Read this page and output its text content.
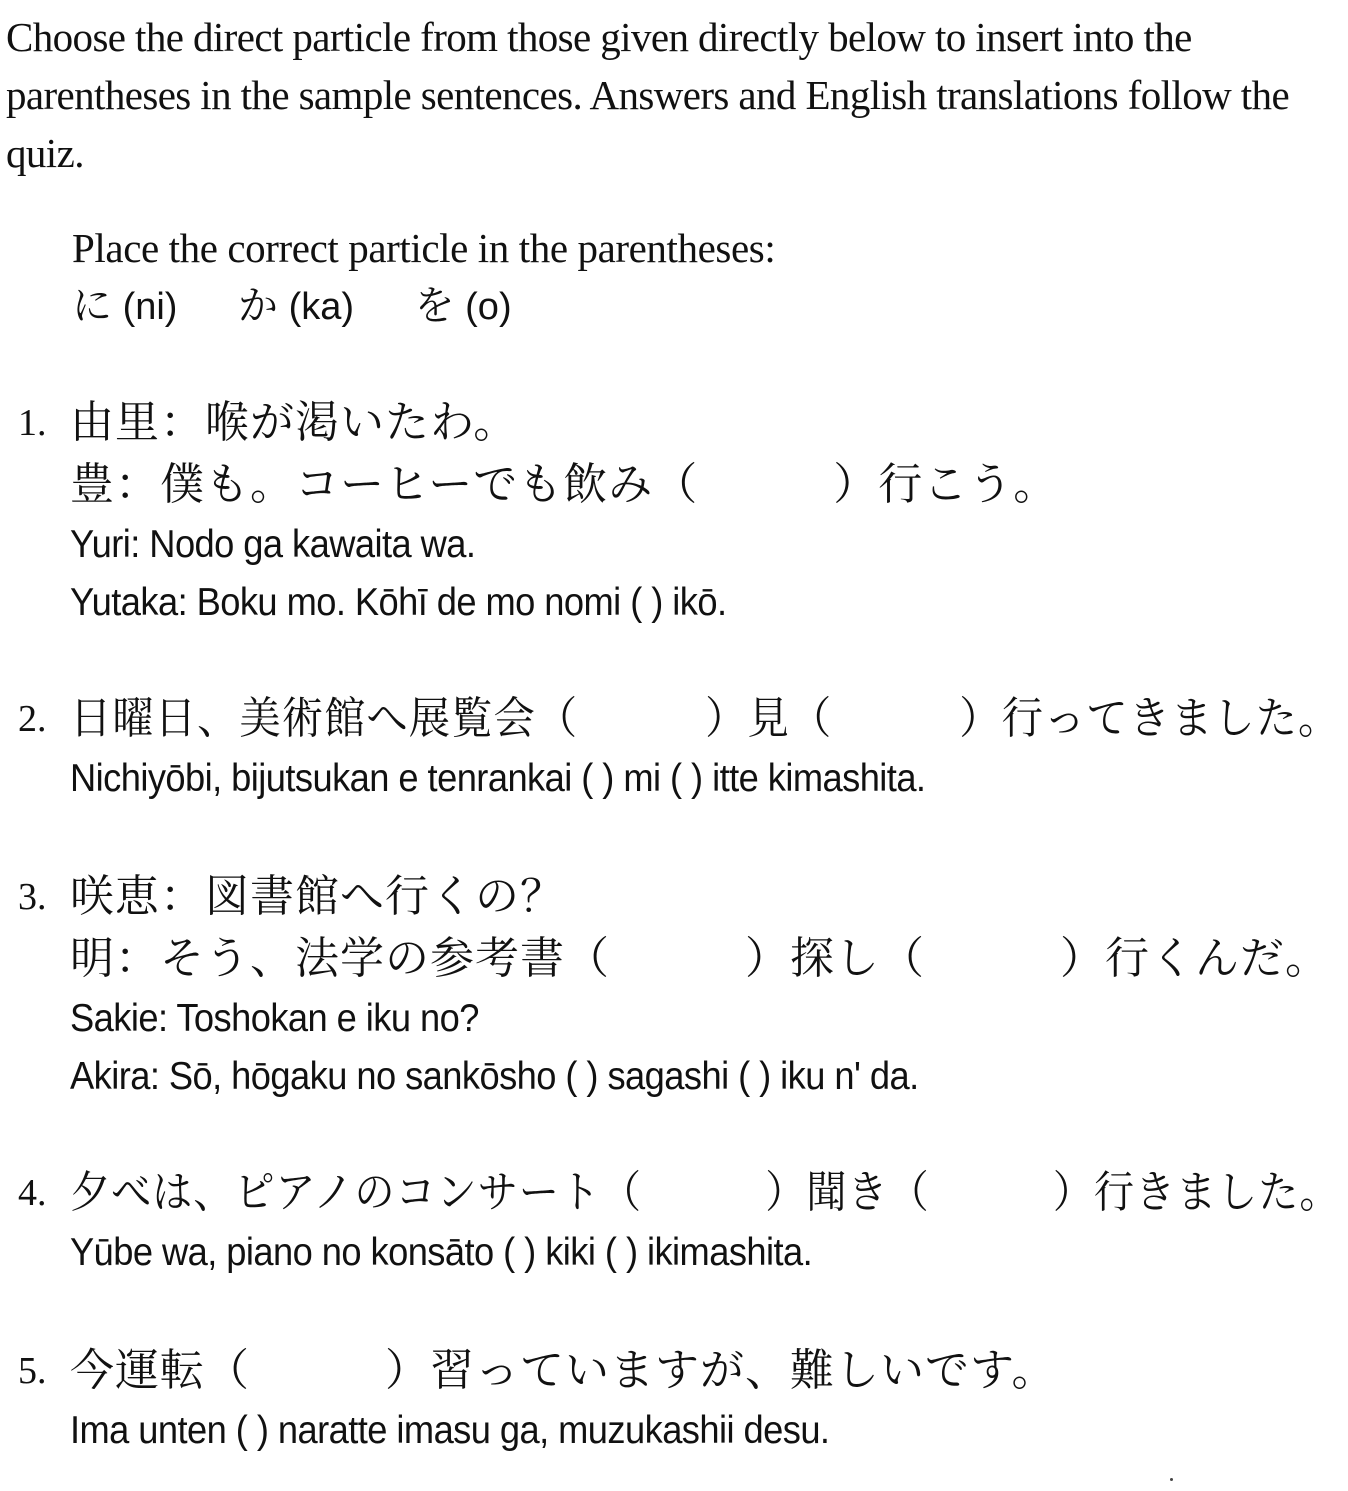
Choose the direct particle from those given directly below to insert into the parentheses in the sample sentences. Answers and English translations follow the quiz.
Place the correct particle in the parentheses:
に (ni) か (ka) を (o)
1. 由里：喉が渇いたわ。
豊：僕も。コーヒーでも飲み（　　　）行こう。
Yuri: Nodo ga kawaita wa.
Yutaka: Boku mo. Kōhī de mo nomi ( ) ikō.
2. 日曜日、美術館へ展覧会（　　　）見（　　　）行ってきました。
Nichiyōbi, bijutsukan e tenrankai ( ) mi ( ) itte kimashita.
3. 咲恵：図書館へ行くの？
明：そう、法学の参考書（　　　）探し（　　　）行くんだ。
Sakie: Toshokan e iku no?
Akira: Sō, hōgaku no sankōsho ( ) sagashi ( ) iku n' da.
4. 夕べは、ピアノのコンサート（　　　）聞き（　　　）行きました。
Yūbe wa, piano no konsāto ( ) kiki ( ) ikimashita.
5. 今運転（　　　）習っていますが、難しいです。
Ima unten ( ) naratte imasu ga, muzukashii desu.
